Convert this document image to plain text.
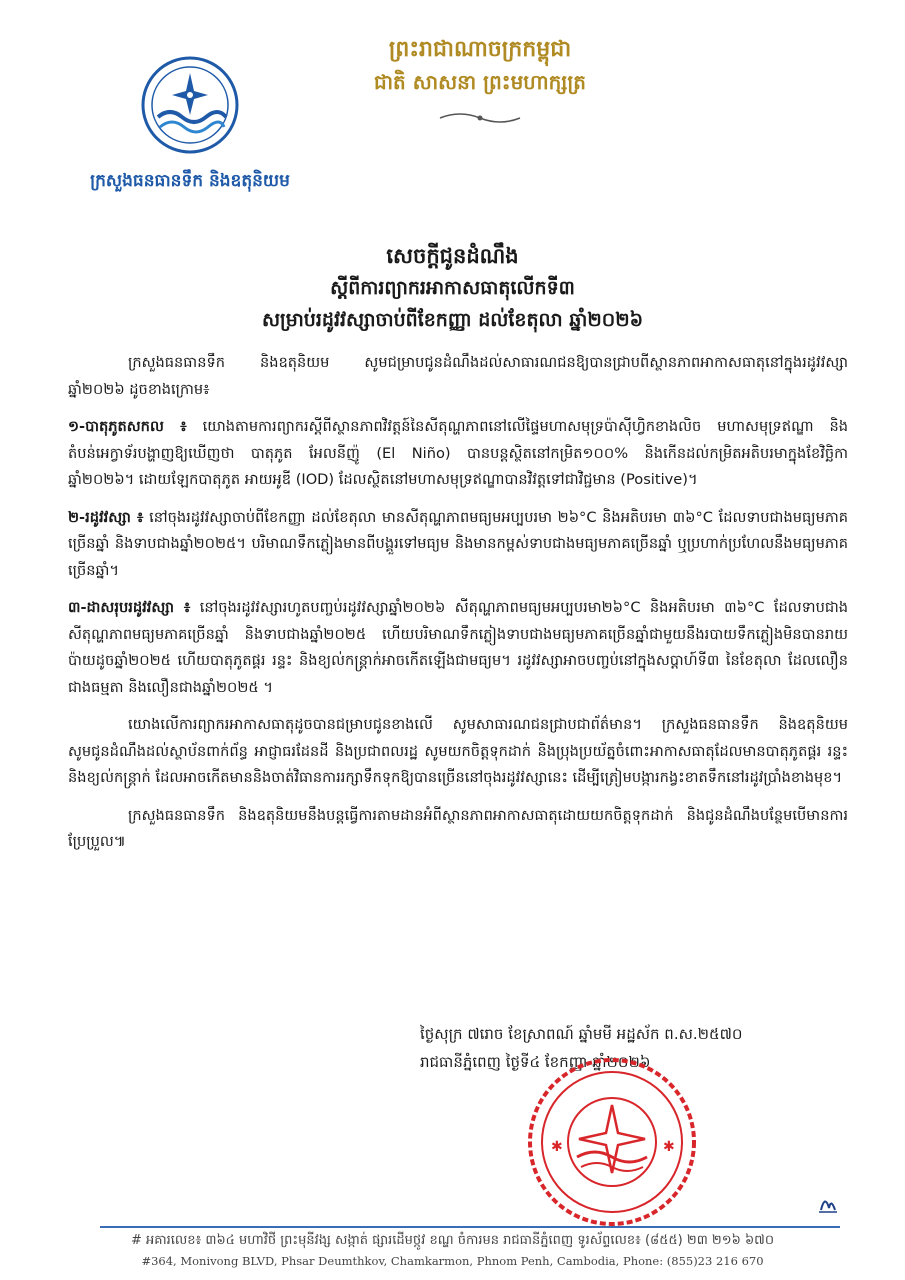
ក្រសួងធនធានទឹក និងឧតុនិយម
ព្រះរាជាណាចក្រកម្ពុជា
ជាតិ សាសនា ព្រះមហាក្សត្រ
សេចក្តីជូនដំណឹង
ស្តីពីការព្យាករអាកាសធាតុលើកទី៣
សម្រាប់រដូវវស្សាចាប់ពីខែកញ្ញា ដល់ខែតុលា ឆ្នាំ២០២៦

ក្រសួងធនធានទឹក និងឧតុនិយម សូមជម្រាបជូនដំណឹងដល់សាធារណជនឱ្យបានជ្រាបពីស្ថានភាពអាកាសធាតុនៅក្នុងរដូវវស្សា ឆ្នាំ២០២៦ ដូចខាងក្រោម៖

១-បាតុភូតសកល ៖ យោងតាមការព្យាករស្តីពីស្ថានភាពវិវត្តន៍នៃសីតុណ្ហភាពនៅលើផ្ទៃមហាសមុទ្រប៉ាស៊ីហ្វិកខាងលិច មហាសមុទ្រឥណ្ឌា និងតំបន់អេក្វាទ័របង្ហាញឱ្យឃើញថា បាតុភូត អែលនីញ៉ូ (El Niño) បានបន្តស្ថិតនៅកម្រិត១០០% និងកើនដល់កម្រិតអតិបរមាក្នុងខែវិច្ឆិកា ឆ្នាំ២០២៦។ ដោយឡែកបាតុភូត អាយអូឌី (IOD) ដែលស្ថិតនៅមហាសមុទ្រឥណ្ឌាបានវិវត្តទៅជាវិជ្ជមាន (Positive)។

២-រដូវវស្សា ៖ នៅចុងរដូវវស្សាចាប់ពីខែកញ្ញា ដល់ខែតុលា មានសីតុណ្ហភាពមធ្យមអប្បបរមា ២៦°C និងអតិបរមា ៣៦°C ដែលទាបជាងមធ្យមភាគច្រើនឆ្នាំ និងទាបជាងឆ្នាំ២០២៥។ បរិមាណទឹកភ្លៀងមានពីបង្គួរទៅមធ្យម និងមានកម្ពស់ទាបជាងមធ្យមភាគច្រើនឆ្នាំ ឬប្រហាក់ប្រហែលនឹងមធ្យមភាគច្រើនឆ្នាំ។

៣-ដាសរុបរដូវវស្សា ៖ នៅចុងរដូវវស្សារហូតបញ្ចប់រដូវវស្សាឆ្នាំ២០២៦ សីតុណ្ហភាពមធ្យមអប្បបរមា២៦°C និងអតិបរមា ៣៦°C ដែលទាបជាងសីតុណ្ហភាពមធ្យមភាគច្រើនឆ្នាំ និងទាបជាងឆ្នាំ២០២៥ ហើយបរិមាណទឹកភ្លៀងទាបជាងមធ្យមភាគច្រើនឆ្នាំជាមួយនឹងរបាយទឹកភ្លៀងមិនបានរាយប៉ាយដូចឆ្នាំ២០២៥ ហើយបាតុភូតផ្គរ រន្ទះ និងខ្យល់កន្ត្រាក់អាចកើតឡើងជាមធ្យម។ រដូវវស្សាអាចបញ្ចប់នៅក្នុងសប្តាហ៍ទី៣ នៃខែតុលា ដែលលឿនជាងធម្មតា និងលឿនជាងឆ្នាំ២០២៥ ។

យោងលើការព្យាករអាកាសធាតុដូចបានជម្រាបជូនខាងលើ សូមសាធារណជនជ្រាបជាព័ត៌មាន។ ក្រសួងធនធានទឹក និងឧតុនិយម សូមជូនដំណឹងដល់ស្ថាប័នពាក់ព័ន្ធ អាជ្ញាធរដែនដី និងប្រជាពលរដ្ឋ សូមយកចិត្តទុកដាក់ និងប្រុងប្រយ័ត្នចំពោះអាកាសធាតុដែលមានបាតុភូតផ្គរ រន្ទះ និងខ្យល់កន្ត្រាក់ ដែលអាចកើតមាននិងចាត់វិធានការរក្សាទឹកទុកឱ្យបានច្រើននៅចុងរដូវវស្សានេះ ដើម្បីត្រៀមបង្ការកង្វះខាតទឹកនៅរដូវប្រាំងខាងមុខ។

ក្រសួងធនធានទឹក និងឧតុនិយមនឹងបន្តធ្វើការតាមដានអំពីស្ថានភាពអាកាសធាតុដោយយកចិត្តទុកដាក់ និងជូនដំណឹងបន្ថែមបើមានការប្រែប្រួល៕

ថ្ងៃសុក្រ ៧រោច ខែស្រាពណ៍ ឆ្នាំមមី អដ្ឋស័ក ព.ស.២៥៧០
រាជធានីភ្នំពេញ ថ្ងៃទី៤ ខែកញ្ញា ឆ្នាំ២០២៦
✱	✱
# អគារលេខ៖ ៣៦៤ មហាវិថី ព្រះមុនីវង្ស សង្កាត់ ផ្សារដើមថ្កូវ ខណ្ឌ ចំការមន រាជធានីភ្នំពេញ ទូរស័ព្ទលេខ៖ (៨៥៥) ២៣ ២១៦ ៦៧០
#364, Monivong BLVD, Phsar Deumthkov, Chamkarmon, Phnom Penh, Cambodia, Phone: (855)23 216 670
